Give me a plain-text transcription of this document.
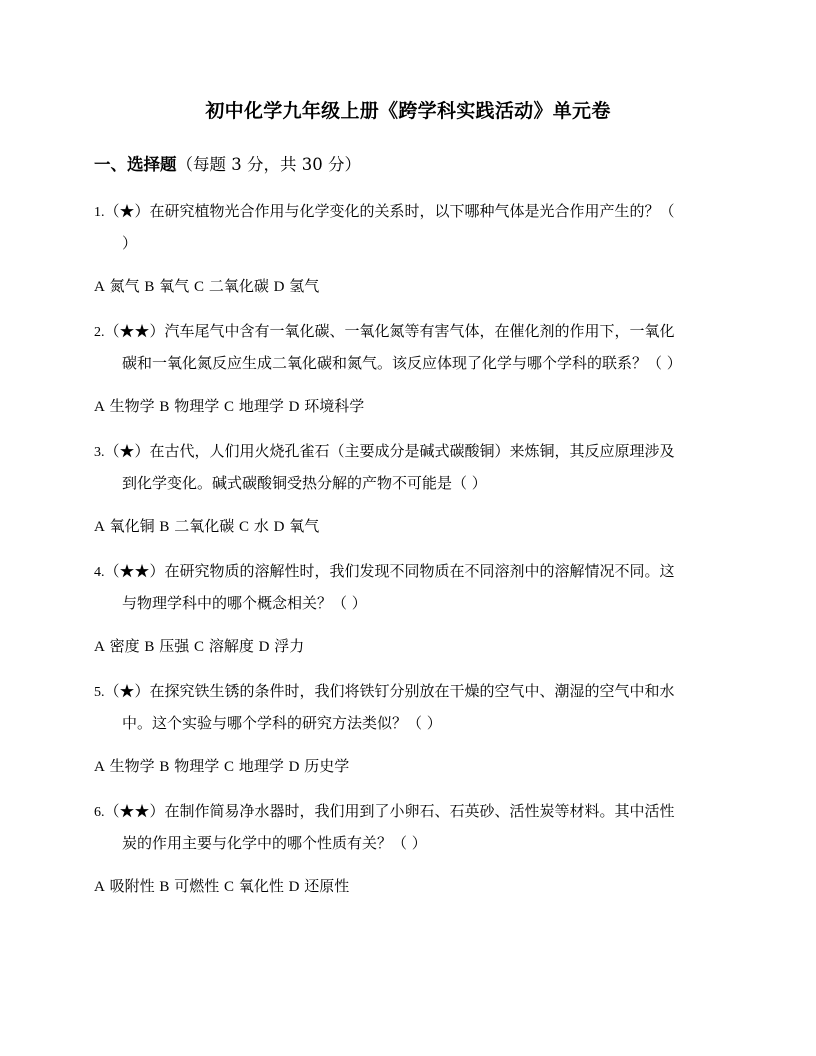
初中化学九年级上册《跨学科实践活动》单元卷
一、选择题（每题 3 分，共 30 分）
1.（★）在研究植物光合作用与化学变化的关系时，以下哪种气体是光合作用产生的？（
）
A 氮气 B 氧气 C 二氧化碳 D 氢气
2.（★★）汽车尾气中含有一氧化碳、一氧化氮等有害气体，在催化剂的作用下，一氧化
碳和一氧化氮反应生成二氧化碳和氮气。该反应体现了化学与哪个学科的联系？（ ）
A 生物学 B 物理学 C 地理学 D 环境科学
3.（★）在古代，人们用火烧孔雀石（主要成分是碱式碳酸铜）来炼铜，其反应原理涉及
到化学变化。碱式碳酸铜受热分解的产物不可能是（ ）
A 氧化铜 B 二氧化碳 C 水 D 氧气
4.（★★）在研究物质的溶解性时，我们发现不同物质在不同溶剂中的溶解情况不同。这
与物理学科中的哪个概念相关？（ ）
A 密度 B 压强 C 溶解度 D 浮力
5.（★）在探究铁生锈的条件时，我们将铁钉分别放在干燥的空气中、潮湿的空气中和水
中。这个实验与哪个学科的研究方法类似？（ ）
A 生物学 B 物理学 C 地理学 D 历史学
6.（★★）在制作简易净水器时，我们用到了小卵石、石英砂、活性炭等材料。其中活性
炭的作用主要与化学中的哪个性质有关？（ ）
A 吸附性 B 可燃性 C 氧化性 D 还原性
